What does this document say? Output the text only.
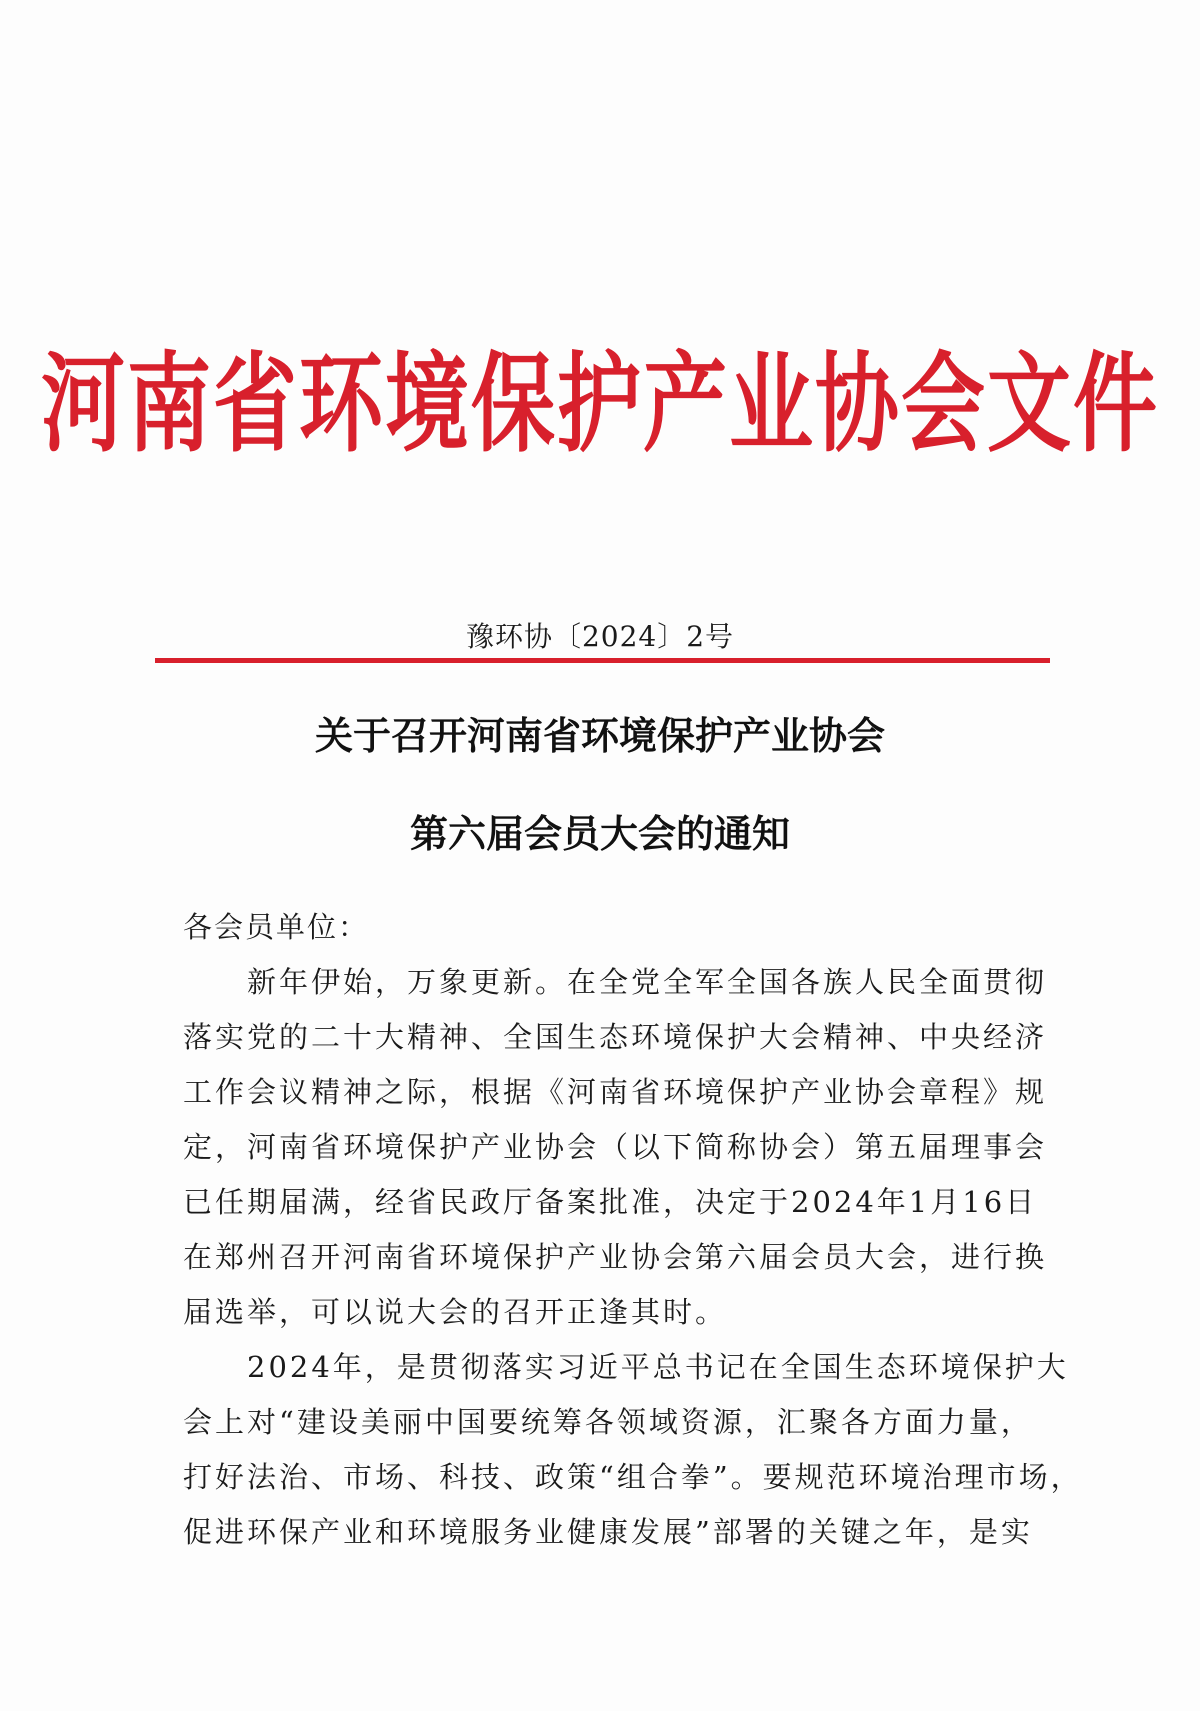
河南省环境保护产业协会文件
豫环协〔2024〕2号
关于召开河南省环境保护产业协会
第六届会员大会的通知
各会员单位：
新年伊始，万象更新。在全党全军全国各族人民全面贯彻
落实党的二十大精神、全国生态环境保护大会精神、中央经济
工作会议精神之际，根据《河南省环境保护产业协会章程》规
定，河南省环境保护产业协会（以下简称协会）第五届理事会
已任期届满，经省民政厅备案批准，决定于2024年1月16日
在郑州召开河南省环境保护产业协会第六届会员大会，进行换
届选举，可以说大会的召开正逢其时。
2024年，是贯彻落实习近平总书记在全国生态环境保护大
会上对“建设美丽中国要统筹各领域资源，汇聚各方面力量，
打好法治、市场、科技、政策“组合拳”。要规范环境治理市场，
促进环保产业和环境服务业健康发展”部署的关键之年，是实
